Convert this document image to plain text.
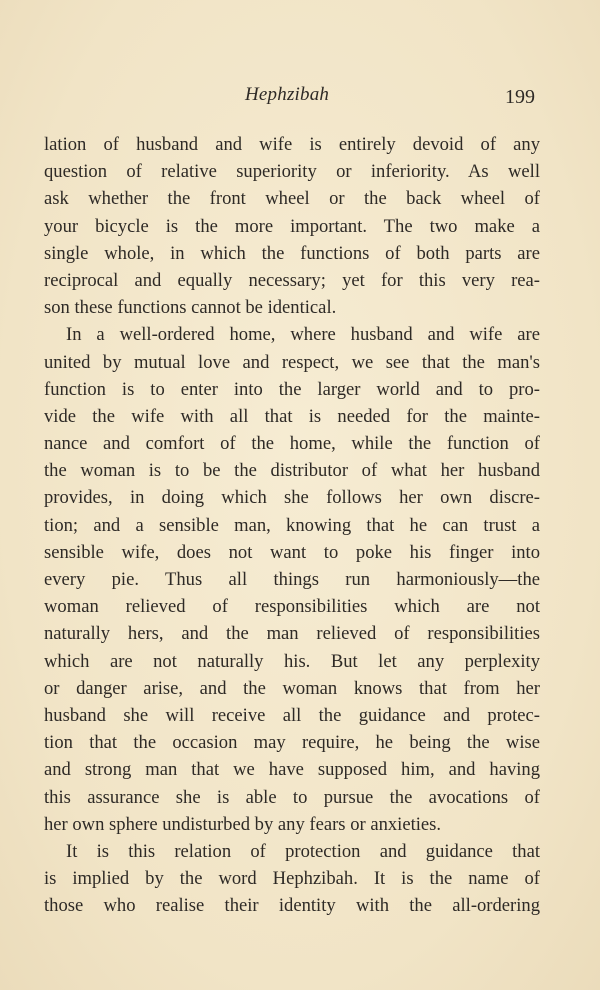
Hephzibah	199
lation of husband and wife is entirely devoid of any
question of relative superiority or inferiority. As well
ask whether the front wheel or the back wheel of
your bicycle is the more important. The two make a
single whole, in which the functions of both parts are
reciprocal and equally necessary; yet for this very rea-
son these functions cannot be identical.
In a well-ordered home, where husband and wife are
united by mutual love and respect, we see that the man's
function is to enter into the larger world and to pro-
vide the wife with all that is needed for the mainte-
nance and comfort of the home, while the function of
the woman is to be the distributor of what her husband
provides, in doing which she follows her own discre-
tion; and a sensible man, knowing that he can trust a
sensible wife, does not want to poke his finger into
every pie. Thus all things run harmoniously—the
woman relieved of responsibilities which are not
naturally hers, and the man relieved of responsibilities
which are not naturally his. But let any perplexity
or danger arise, and the woman knows that from her
husband she will receive all the guidance and protec-
tion that the occasion may require, he being the wise
and strong man that we have supposed him, and having
this assurance she is able to pursue the avocations of
her own sphere undisturbed by any fears or anxieties.
It is this relation of protection and guidance that
is implied by the word Hephzibah. It is the name of
those who realise their identity with the all-ordering
